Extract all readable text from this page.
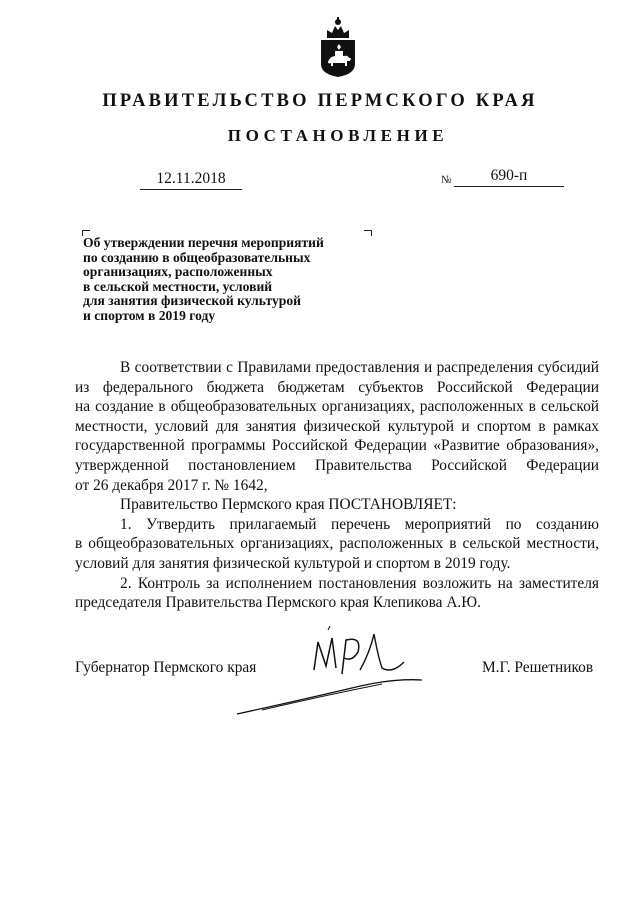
ПРАВИТЕЛЬСТВО ПЕРМСКОГО КРАЯ
ПОСТАНОВЛЕНИЕ
12.11.2018	№	690-п
Об утверждении перечня мероприятий
по созданию в общеобразовательных
организациях, расположенных
в сельской местности, условий
для занятия физической культурой
и спортом в 2019 году

В соответствии с Правилами предоставления и распределения субсидий

из федерального бюджета бюджетам субъектов Российской Федерации

на создание в общеобразовательных организациях, расположенных в сельской

местности, условий для занятия физической культурой и спортом в рамках

государственной программы Российской Федерации «Развитие образования»,

утвержденной постановлением Правительства Российской Федерации

от 26 декабря 2017 г. № 1642,

Правительство Пермского края ПОСТАНОВЛЯЕТ:

1. Утвердить прилагаемый перечень мероприятий по созданию

в общеобразовательных организациях, расположенных в сельской местности,

условий для занятия физической культурой и спортом в 2019 году.

2. Контроль за исполнением постановления возложить на заместителя

председателя Правительства Пермского края Клепикова А.Ю.

Губернатор Пермского края	М.Г. Решетников
